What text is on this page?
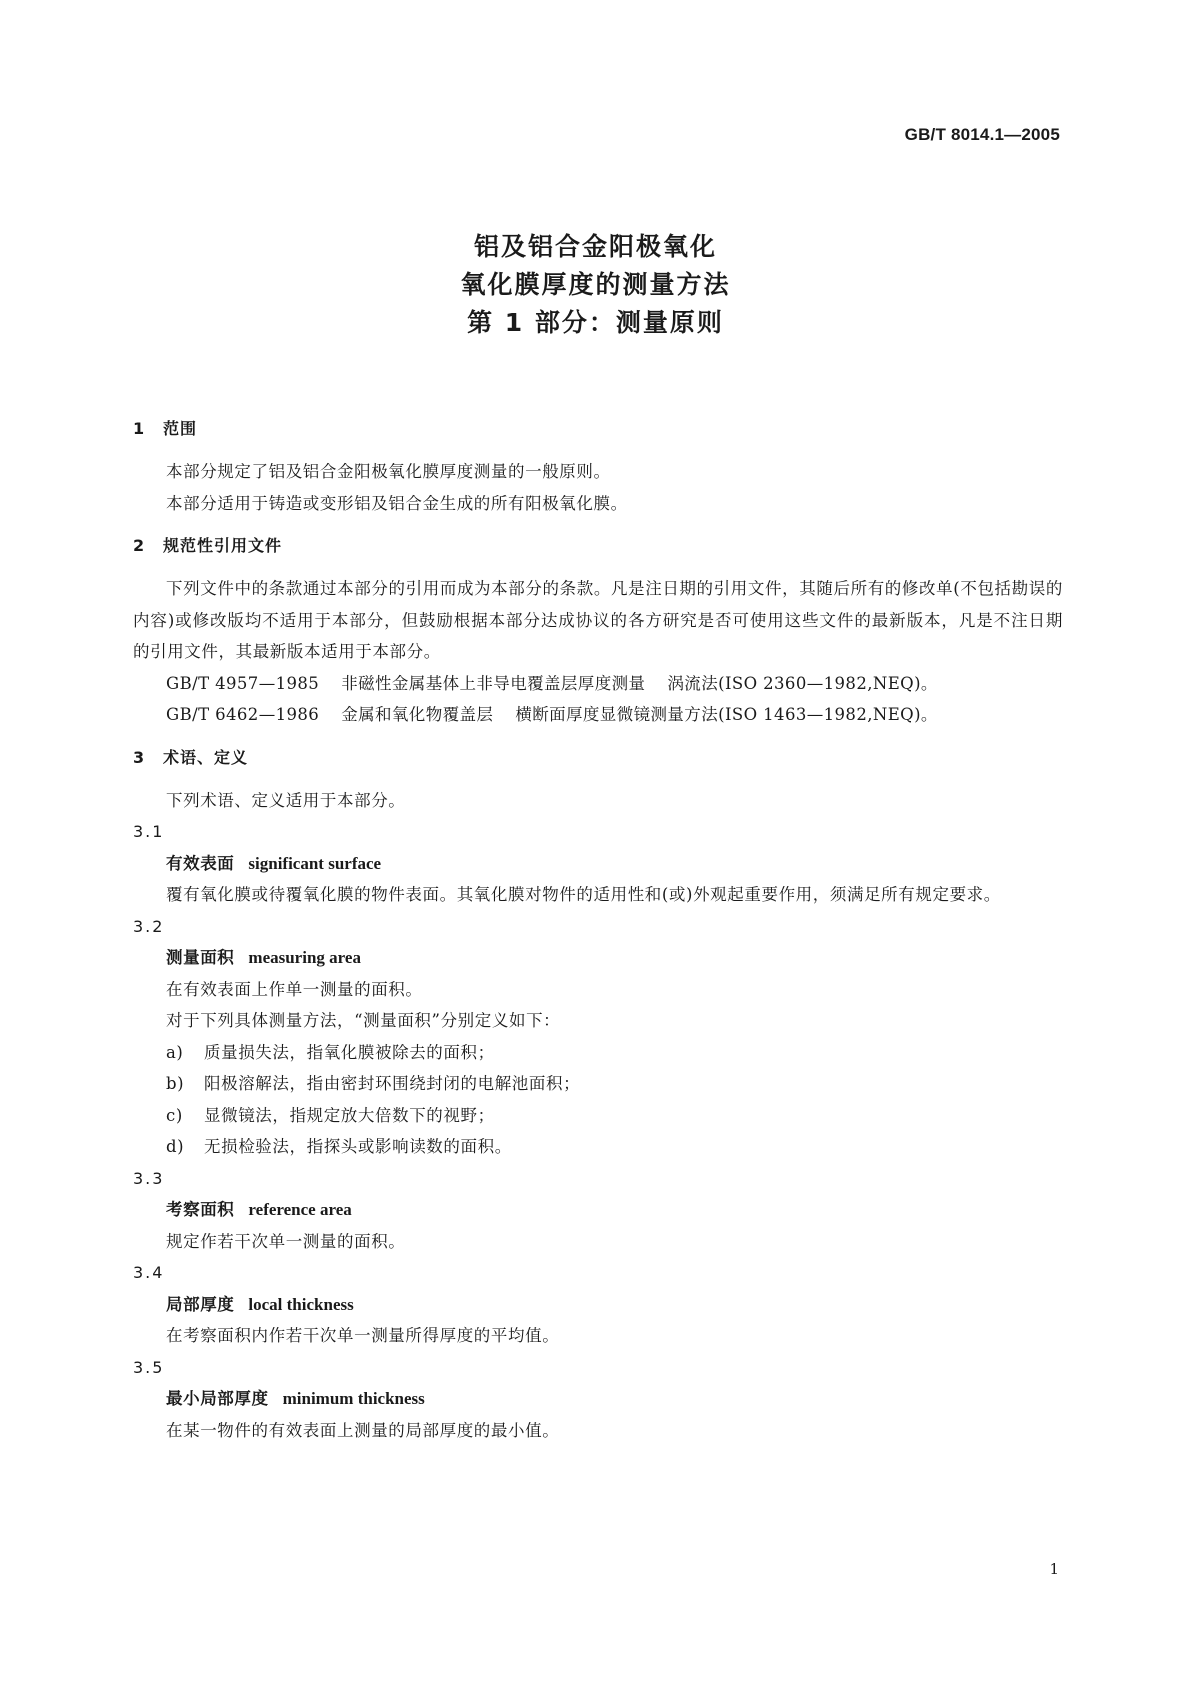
GB/T 8014.1—2005
铝及铝合金阳极氧化
氧化膜厚度的测量方法
第 1 部分：测量原则
1 范围
本部分规定了铝及铝合金阳极氧化膜厚度测量的一般原则。
本部分适用于铸造或变形铝及铝合金生成的所有阳极氧化膜。
2 规范性引用文件
下列文件中的条款通过本部分的引用而成为本部分的条款。凡是注日期的引用文件，其随后所有的修改单(不包括勘误的内容)或修改版均不适用于本部分，但鼓励根据本部分达成协议的各方研究是否可使用这些文件的最新版本，凡是不注日期的引用文件，其最新版本适用于本部分。
GB/T 4957—1985 非磁性金属基体上非导电覆盖层厚度测量 涡流法(ISO 2360—1982,NEQ)。
GB/T 6462—1986 金属和氧化物覆盖层 横断面厚度显微镜测量方法(ISO 1463—1982,NEQ)。
3 术语、定义
下列术语、定义适用于本部分。
3.1
有效表面 significant surface
覆有氧化膜或待覆氧化膜的物件表面。其氧化膜对物件的适用性和(或)外观起重要作用，须满足所有规定要求。
3.2
测量面积 measuring area
在有效表面上作单一测量的面积。
对于下列具体测量方法，“测量面积”分别定义如下：
a) 质量损失法，指氧化膜被除去的面积；
b) 阳极溶解法，指由密封环围绕封闭的电解池面积；
c) 显微镜法，指规定放大倍数下的视野；
d) 无损检验法，指探头或影响读数的面积。
3.3
考察面积 reference area
规定作若干次单一测量的面积。
3.4
局部厚度 local thickness
在考察面积内作若干次单一测量所得厚度的平均值。
3.5
最小局部厚度 minimum thickness
在某一物件的有效表面上测量的局部厚度的最小值。
1
